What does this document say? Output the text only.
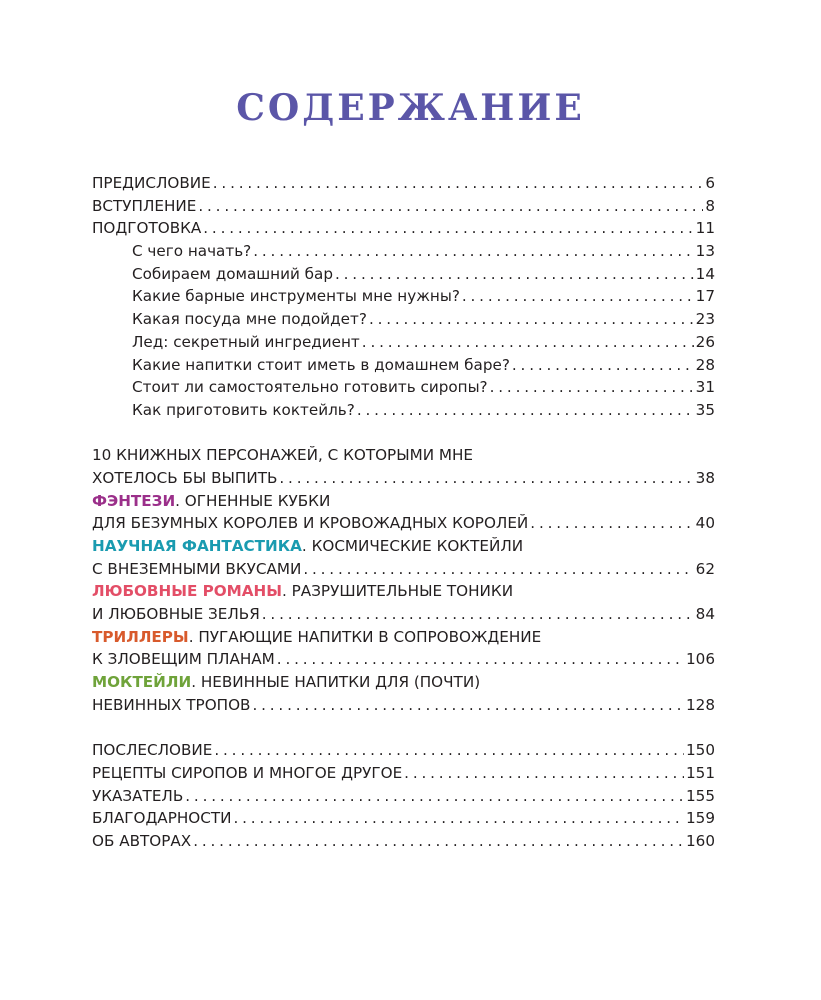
СОДЕРЖАНИЕ
ПРЕДИСЛОВИЕ . . .	6
ВСТУПЛЕНИЕ . . .	8
ПОДГОТОВКА . . .	11
С чего начать? . . .	13
Собираем домашний бар . . .	14
Какие барные инструменты мне нужны? . . .	17
Какая посуда мне подойдет? . . .	23
Лед: секретный ингредиент . . .	26
Какие напитки стоит иметь в домашнем баре? . . .	28
Стоит ли самостоятельно готовить сиропы? . . .	31
Как приготовить коктейль? . . .	35
10 КНИЖНЫХ ПЕРСОНАЖЕЙ, С КОТОРЫМИ МНЕ
ХОТЕЛОСЬ БЫ ВЫПИТЬ . . .	38
ФЭНТЕЗИ. ОГНЕННЫЕ КУБКИ
ДЛЯ БЕЗУМНЫХ КОРОЛЕВ И КРОВОЖАДНЫХ КОРОЛЕЙ . . .	40
НАУЧНАЯ ФАНТАСТИКА. КОСМИЧЕСКИЕ КОКТЕЙЛИ
С ВНЕЗЕМНЫМИ ВКУСАМИ . . .	62
ЛЮБОВНЫЕ РОМАНЫ. РАЗРУШИТЕЛЬНЫЕ ТОНИКИ
И ЛЮБОВНЫЕ ЗЕЛЬЯ . . .	84
ТРИЛЛЕРЫ. ПУГАЮЩИЕ НАПИТКИ В СОПРОВОЖДЕНИЕ
К ЗЛОВЕЩИМ ПЛАНАМ . . .	106
МОКТЕЙЛИ. НЕВИННЫЕ НАПИТКИ ДЛЯ (ПОЧТИ)
НЕВИННЫХ ТРОПОВ . . .	128
ПОСЛЕСЛОВИЕ . . .	150
РЕЦЕПТЫ СИРОПОВ И МНОГОЕ ДРУГОЕ . . .	151
УКАЗАТЕЛЬ . . .	155
БЛАГОДАРНОСТИ . . .	159
ОБ АВТОРАХ . . .	160
